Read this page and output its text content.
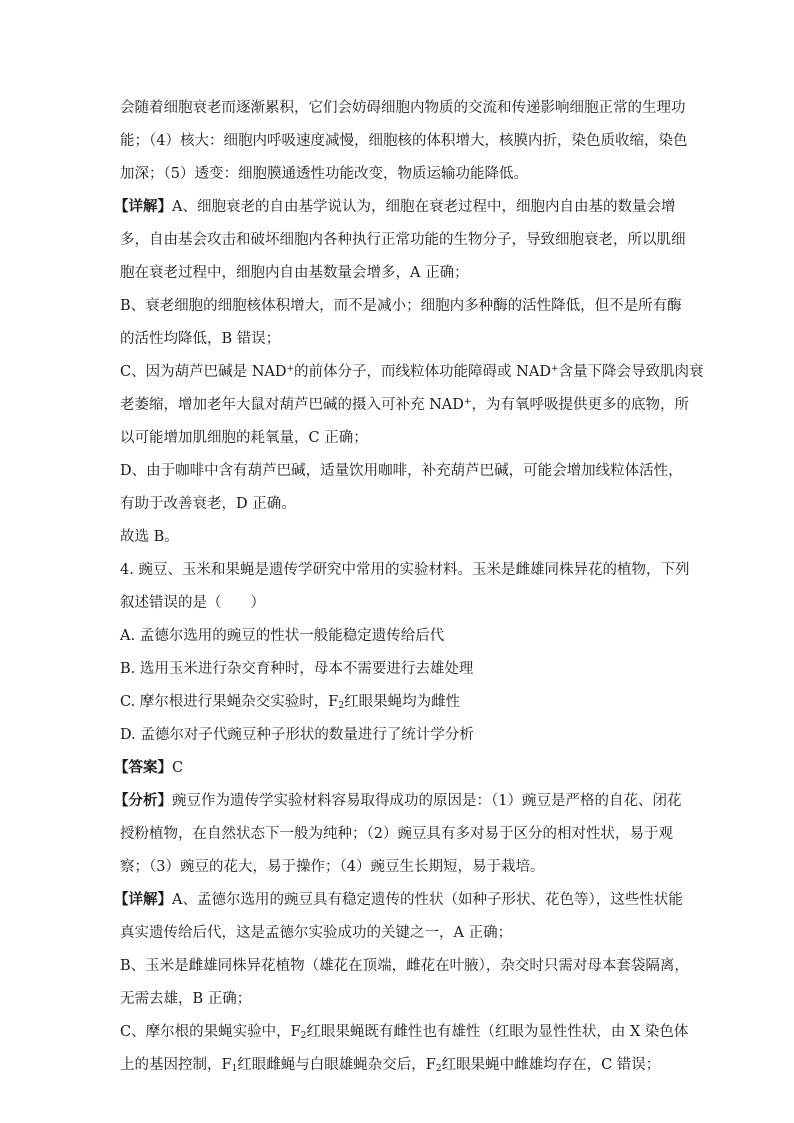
会随着细胞衰老而逐渐累积，它们会妨碍细胞内物质的交流和传递影响细胞正常的生理功
能；（4）核大：细胞内呼吸速度减慢，细胞核的体积增大，核膜内折，染色质收缩，染色
加深；（5）透变：细胞膜通透性功能改变，物质运输功能降低。
【详解】A、细胞衰老的自由基学说认为，细胞在衰老过程中，细胞内自由基的数量会增
多，自由基会攻击和破坏细胞内各种执行正常功能的生物分子，导致细胞衰老，所以肌细
胞在衰老过程中，细胞内自由基数量会增多，A 正确；
B、衰老细胞的细胞核体积增大，而不是减小；细胞内多种酶的活性降低，但不是所有酶
的活性均降低，B 错误；
C、因为葫芦巴碱是 NAD+的前体分子，而线粒体功能障碍或 NAD+含量下降会导致肌肉衰
老萎缩，增加老年大鼠对葫芦巴碱的摄入可补充 NAD+，为有氧呼吸提供更多的底物，所
以可能增加肌细胞的耗氧量，C 正确；
D、由于咖啡中含有葫芦巴碱，适量饮用咖啡，补充葫芦巴碱，可能会增加线粒体活性，
有助于改善衰老，D 正确。
故选 B。
4. 豌豆、玉米和果蝇是遗传学研究中常用的实验材料。玉米是雌雄同株异花的植物，下列
叙述错误的是（　　）
A. 孟德尔选用的豌豆的性状一般能稳定遗传给后代
B. 选用玉米进行杂交育种时，母本不需要进行去雄处理
C. 摩尔根进行果蝇杂交实验时，$F_2$红眼果蝇均为雌性
D. 孟德尔对子代豌豆种子形状的数量进行了统计学分析
【答案】C
【分析】豌豆作为遗传学实验材料容易取得成功的原因是：（1）豌豆是严格的自花、闭花
授粉植物，在自然状态下一般为纯种；（2）豌豆具有多对易于区分的相对性状，易于观
察；（3）豌豆的花大，易于操作；（4）豌豆生长期短，易于栽培。
【详解】A、孟德尔选用的豌豆具有稳定遗传的性状（如种子形状、花色等），这些性状能
真实遗传给后代，这是孟德尔实验成功的关键之一，A 正确；
B、玉米是雌雄同株异花植物（雄花在顶端，雌花在叶腋），杂交时只需对母本套袋隔离，
无需去雄，B 正确；
C、摩尔根的果蝇实验中，$F_2$红眼果蝇既有雌性也有雄性（红眼为显性性状，由 X 染色体
上的基因控制，$F_1$红眼雌蝇与白眼雄蝇杂交后，$F_2$红眼果蝇中雌雄均存在，C 错误；
